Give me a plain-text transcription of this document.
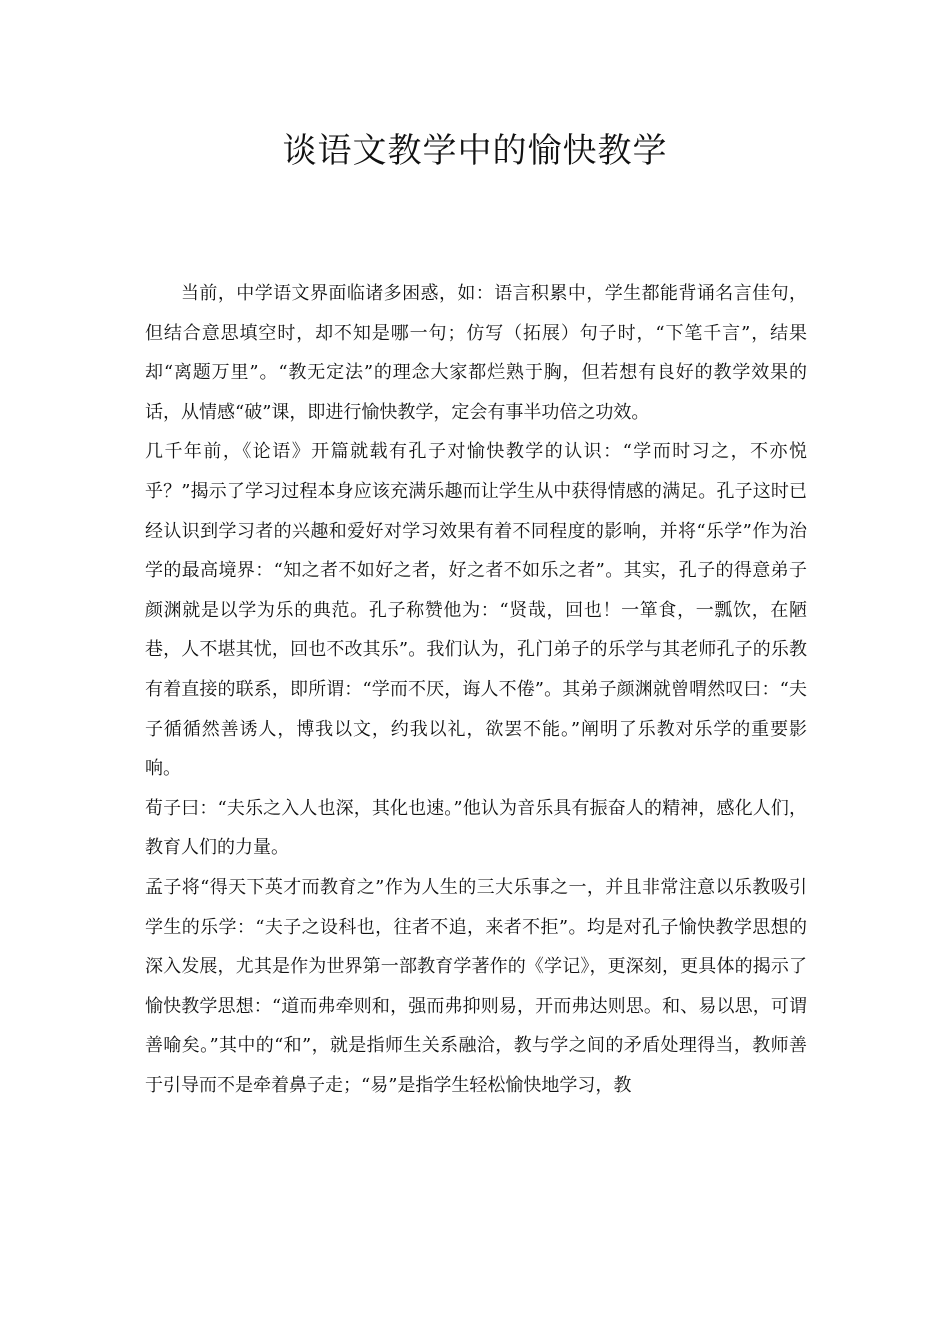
谈语文教学中的愉快教学

当前，中学语文界面临诸多困惑，如：语言积累中，学生都能背诵名言佳句，但结合意思填空时，却不知是哪一句；仿写（拓展）句子时，“下笔千言”，结果却“离题万里”。“教无定法”的理念大家都烂熟于胸，但若想有良好的教学效果的话，从情感“破”课，即进行愉快教学，定会有事半功倍之功效。

几千年前，《论语》开篇就载有孔子对愉快教学的认识：“学而时习之，不亦悦乎？”揭示了学习过程本身应该充满乐趣而让学生从中获得情感的满足。孔子这时已经认识到学习者的兴趣和爱好对学习效果有着不同程度的影响，并将“乐学”作为治学的最高境界：“知之者不如好之者，好之者不如乐之者”。其实，孔子的得意弟子颜渊就是以学为乐的典范。孔子称赞他为：“贤哉，回也！一箪食，一瓢饮，在陋巷，人不堪其忧，回也不改其乐”。我们认为，孔门弟子的乐学与其老师孔子的乐教有着直接的联系，即所谓：“学而不厌，诲人不倦”。其弟子颜渊就曾喟然叹曰：“夫子循循然善诱人，博我以文，约我以礼，欲罢不能。”阐明了乐教对乐学的重要影响。

荀子曰：“夫乐之入人也深，其化也速。”他认为音乐具有振奋人的精神，感化人们，教育人们的力量。

孟子将“得天下英才而教育之”作为人生的三大乐事之一，并且非常注意以乐教吸引学生的乐学：“夫子之设科也，往者不追，来者不拒”。均是对孔子愉快教学思想的深入发展，尤其是作为世界第一部教育学著作的《学记》，更深刻，更具体的揭示了愉快教学思想：“道而弗牵则和，强而弗抑则易，开而弗达则思。和、易以思，可谓善喻矣。”其中的“和”，就是指师生关系融洽，教与学之间的矛盾处理得当，教师善于引导而不是牵着鼻子走；“易”是指学生轻松愉快地学习，教
